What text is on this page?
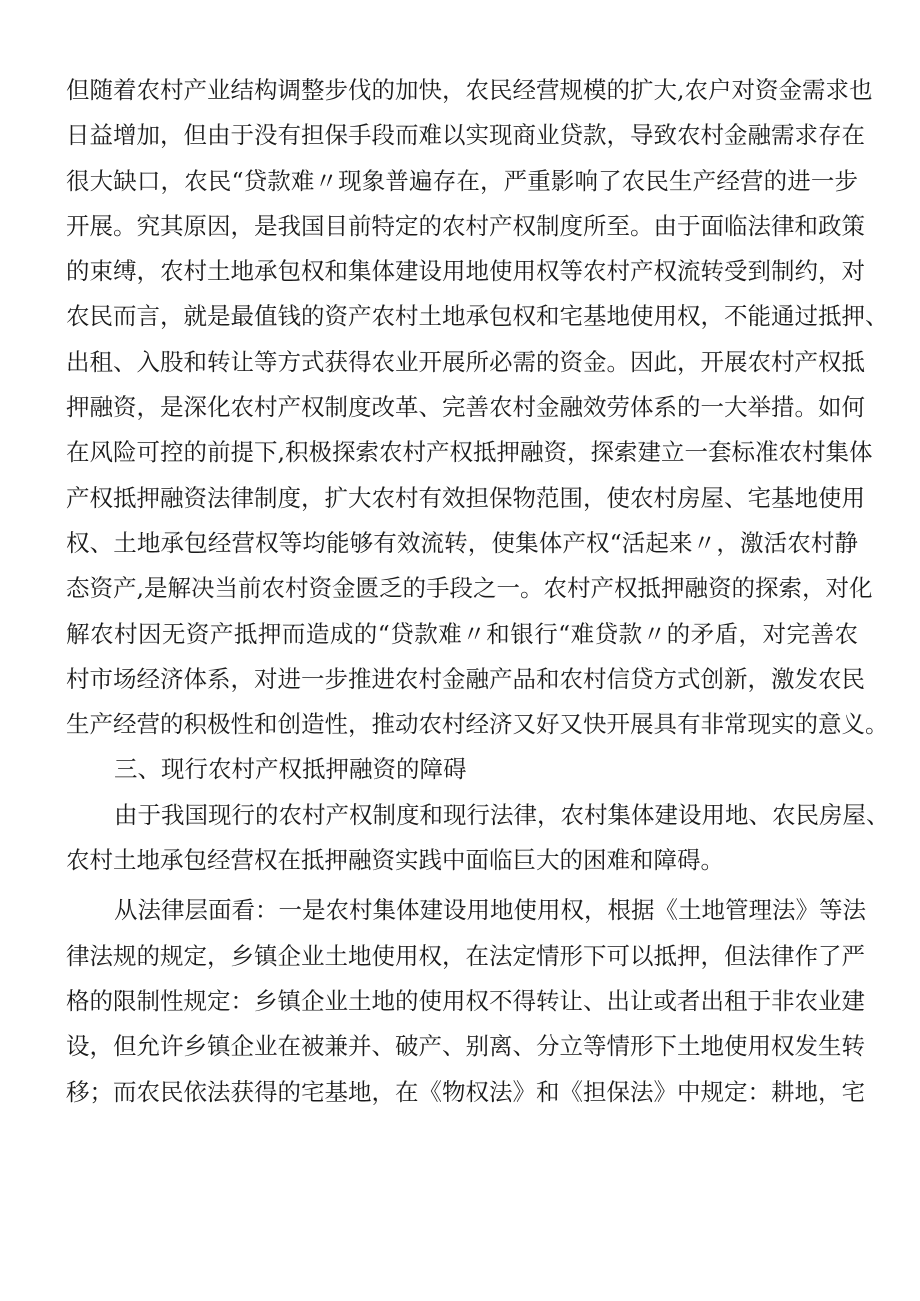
但随着农村产业结构调整步伐的加快，农民经营规模的扩大,农户对资金需求也
日益增加，但由于没有担保手段而难以实现商业贷款，导致农村金融需求存在
很大缺口，农民“贷款难〃现象普遍存在，严重影响了农民生产经营的进一步
开展。究其原因，是我国目前特定的农村产权制度所至。由于面临法律和政策
的束缚，农村土地承包权和集体建设用地使用权等农村产权流转受到制约，对
农民而言，就是最值钱的资产农村土地承包权和宅基地使用权，不能通过抵押、
出租、入股和转让等方式获得农业开展所必需的资金。因此，开展农村产权抵
押融资，是深化农村产权制度改革、完善农村金融效劳体系的一大举措。如何
在风险可控的前提下,积极探索农村产权抵押融资，探索建立一套标准农村集体
产权抵押融资法律制度，扩大农村有效担保物范围，使农村房屋、宅基地使用
权、土地承包经营权等均能够有效流转，使集体产权“活起来〃，激活农村静
态资产,是解决当前农村资金匮乏的手段之一。农村产权抵押融资的探索，对化
解农村因无资产抵押而造成的“贷款难〃和银行“难贷款〃的矛盾，对完善农
村市场经济体系，对进一步推进农村金融产品和农村信贷方式创新，激发农民
生产经营的积极性和创造性，推动农村经济又好又快开展具有非常现实的意义。
三、现行农村产权抵押融资的障碍
由于我国现行的农村产权制度和现行法律，农村集体建设用地、农民房屋、
农村土地承包经营权在抵押融资实践中面临巨大的困难和障碍。
从法律层面看：一是农村集体建设用地使用权，根据《土地管理法》等法
律法规的规定，乡镇企业土地使用权，在法定情形下可以抵押，但法律作了严
格的限制性规定：乡镇企业土地的使用权不得转让、出让或者出租于非农业建
设，但允许乡镇企业在被兼并、破产、别离、分立等情形下土地使用权发生转
移；而农民依法获得的宅基地，在《物权法》和《担保法》中规定：耕地，宅
